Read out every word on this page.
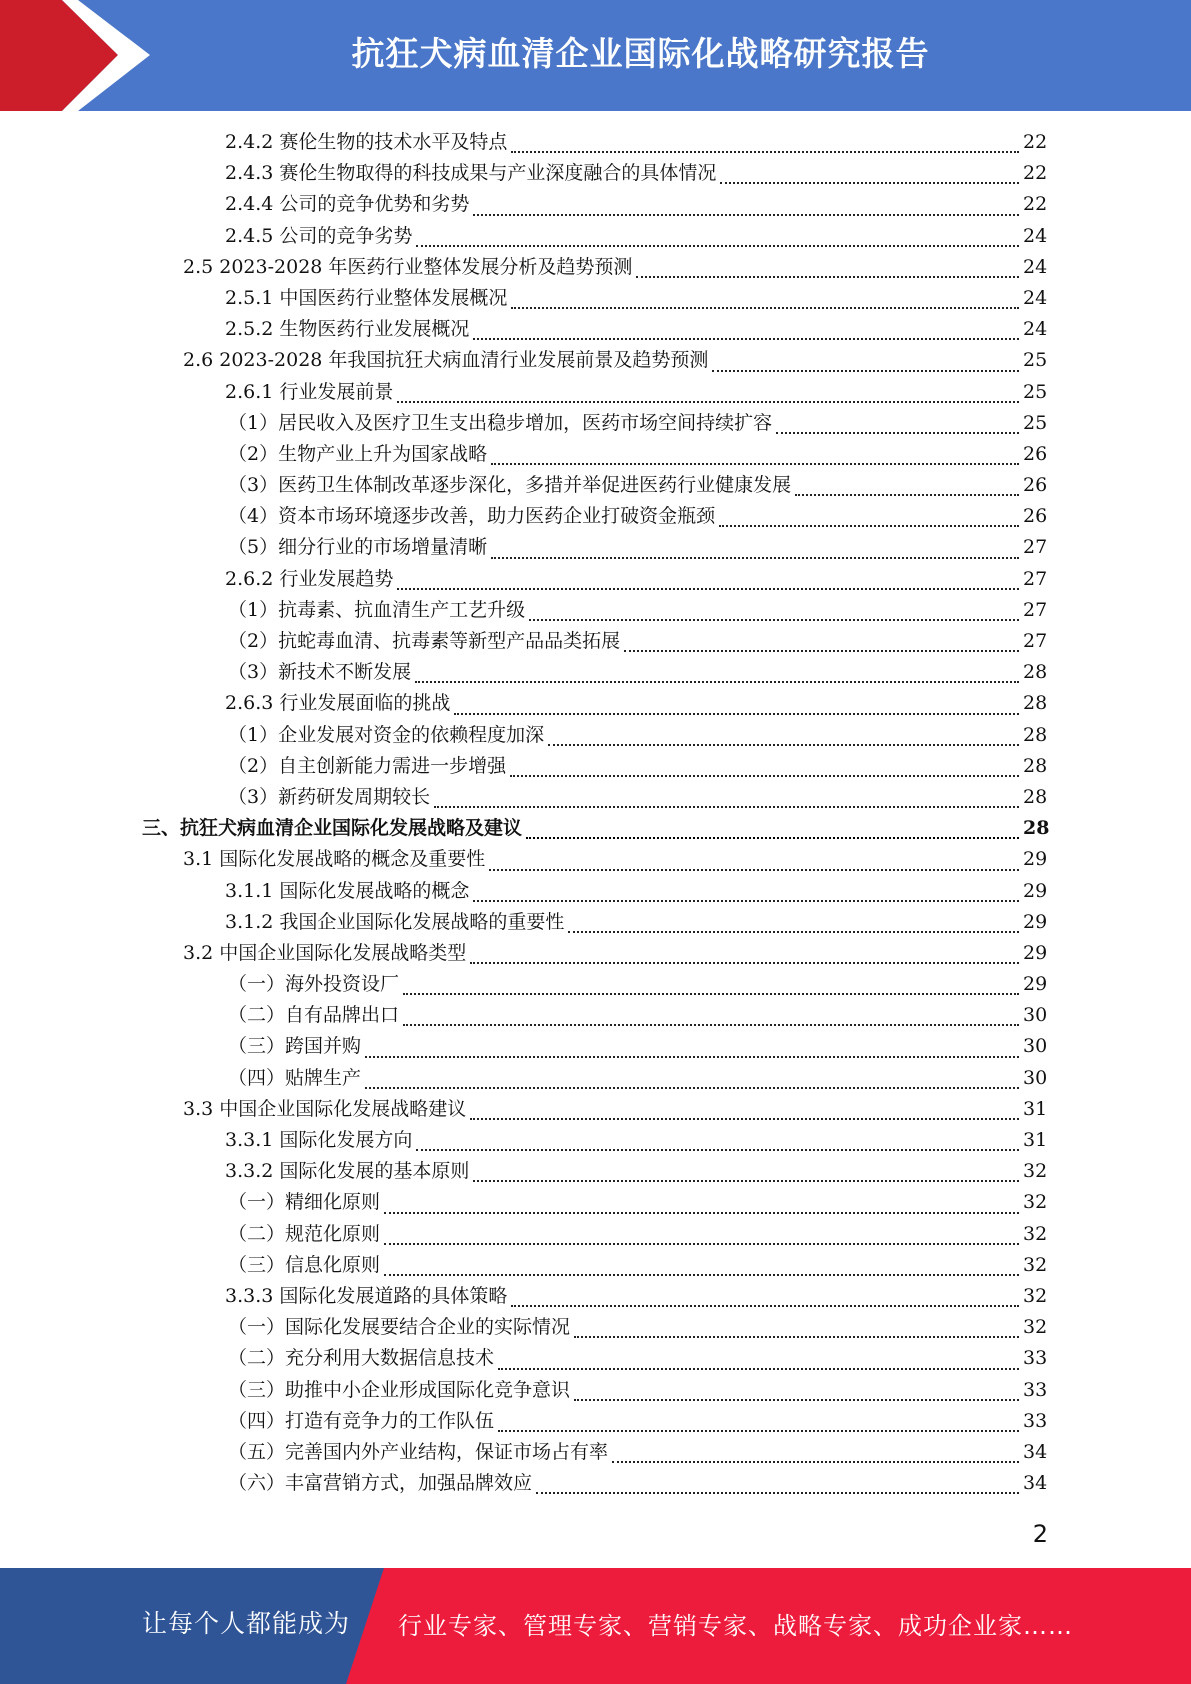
抗狂犬病血清企业国际化战略研究报告
2.4.2 赛伦生物的技术水平及特点	22
2.4.3 赛伦生物取得的科技成果与产业深度融合的具体情况	22
2.4.4 公司的竞争优势和劣势	22
2.4.5 公司的竞争劣势	24
2.5 2023-2028 年医药行业整体发展分析及趋势预测	24
2.5.1 中国医药行业整体发展概况	24
2.5.2 生物医药行业发展概况	24
2.6 2023-2028 年我国抗狂犬病血清行业发展前景及趋势预测	25
2.6.1 行业发展前景	25
（1）居民收入及医疗卫生支出稳步增加，医药市场空间持续扩容	25
（2）生物产业上升为国家战略	26
（3）医药卫生体制改革逐步深化，多措并举促进医药行业健康发展	26
（4）资本市场环境逐步改善，助力医药企业打破资金瓶颈	26
（5）细分行业的市场增量清晰	27
2.6.2 行业发展趋势	27
（1）抗毒素、抗血清生产工艺升级	27
（2）抗蛇毒血清、抗毒素等新型产品品类拓展	27
（3）新技术不断发展	28
2.6.3 行业发展面临的挑战	28
（1）企业发展对资金的依赖程度加深	28
（2）自主创新能力需进一步增强	28
（3）新药研发周期较长	28
三、抗狂犬病血清企业国际化发展战略及建议	28
3.1 国际化发展战略的概念及重要性	29
3.1.1 国际化发展战略的概念	29
3.1.2 我国企业国际化发展战略的重要性	29
3.2 中国企业国际化发展战略类型	29
（一）海外投资设厂	29
（二）自有品牌出口	30
（三）跨国并购	30
（四）贴牌生产	30
3.3 中国企业国际化发展战略建议	31
3.3.1 国际化发展方向	31
3.3.2 国际化发展的基本原则	32
（一）精细化原则	32
（二）规范化原则	32
（三）信息化原则	32
3.3.3 国际化发展道路的具体策略	32
（一）国际化发展要结合企业的实际情况	32
（二）充分利用大数据信息技术	33
（三）助推中小企业形成国际化竞争意识	33
（四）打造有竞争力的工作队伍	33
（五）完善国内外产业结构，保证市场占有率	34
（六）丰富营销方式，加强品牌效应	34
2
让每个人都能成为 行业专家、管理专家、营销专家、战略专家、成功企业家……
